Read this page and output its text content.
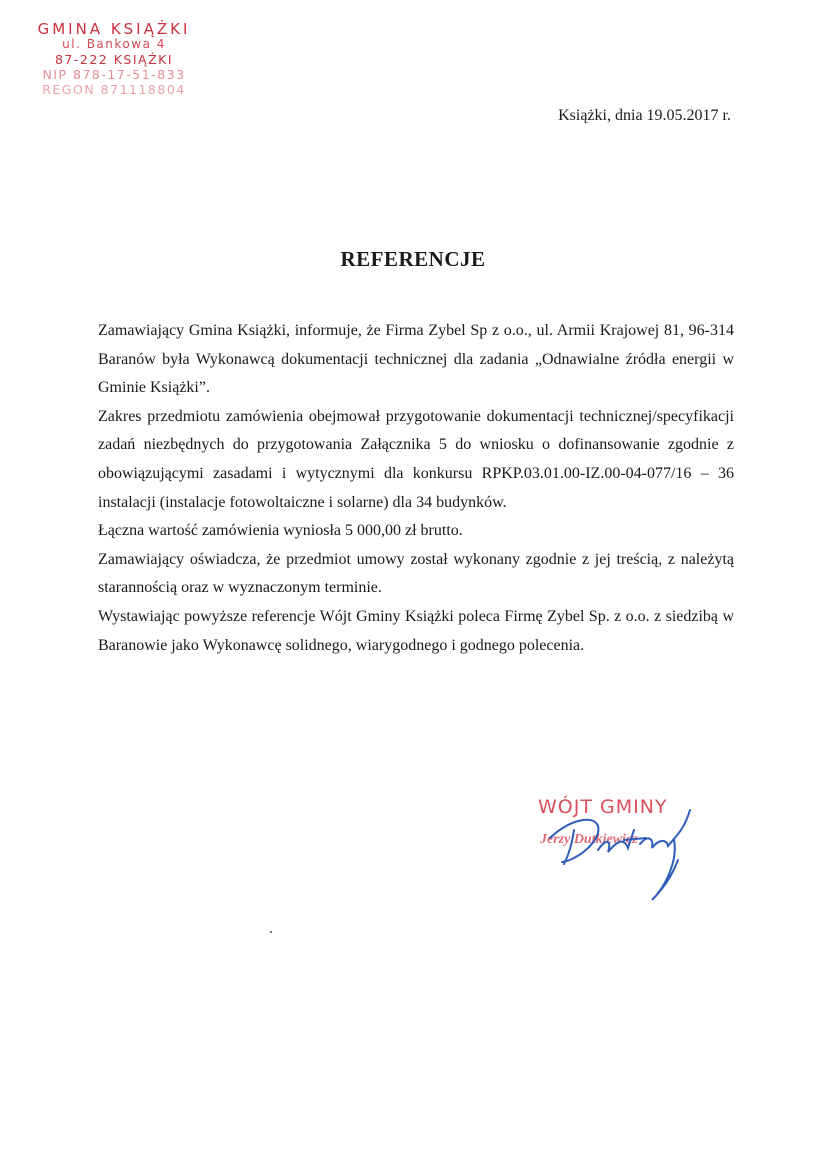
GMINA KSIĄŻKI
ul. Bankowa 4
87-222 KSIĄŻKI
NIP 878-17-51-833
REGON 871118804
Książki, dnia 19.05.2017 r.
REFERENCJE

Zamawiający Gmina Książki, informuje, że Firma Zybel Sp z o.o., ul. Armii Krajowej 81, 96-314 Baranów była Wykonawcą dokumentacji technicznej dla zadania „Odnawialne źródła energii w Gminie Książki”.

Zakres przedmiotu zamówienia obejmował przygotowanie dokumentacji technicznej/specyfikacji zadań niezbędnych do przygotowania Załącznika 5 do wniosku o dofinansowanie zgodnie z obowiązującymi zasadami i wytycznymi dla konkursu RPKP.03.01.00-IZ.00-04-077/16 – 36 instalacji (instalacje fotowoltaiczne i solarne) dla 34 budynków.

Łączna wartość zamówienia wyniosła 5 000,00 zł brutto.

Zamawiający oświadcza, że przedmiot umowy został wykonany zgodnie z jej treścią, z należytą starannością oraz w wyznaczonym terminie.

Wystawiając powyższe referencje Wójt Gminy Książki poleca Firmę Zybel Sp. z o.o. z siedzibą w Baranowie jako Wykonawcę solidnego, wiarygodnego i godnego polecenia.

WÓJT GMINY
Jerzy Dutkiewicz
